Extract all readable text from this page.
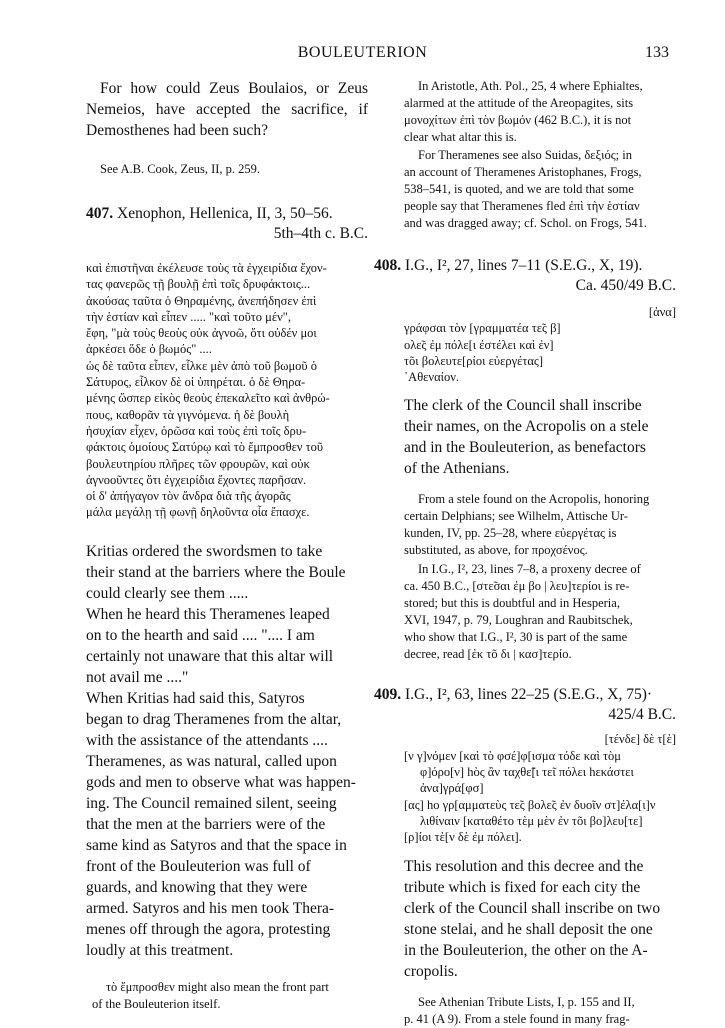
BOULEUTERION	133

For how could Zeus Boulaios, or Zeus Nemeios, have accepted the sacrifice, if Demosthenes had been such?

See A.B. Cook, Zeus, II, p. 259.

407. Xenophon, Hellenica, II, 3, 50–56.
5th–4th c. B.C.
καὶ ἐπιστῆναι ἐκέλευσε τοὺς τὰ ἐγχειρίδια ἔχον-
τας φανερῶς τῇ βουλῇ ἐπὶ τοῖς δρυφάκτοις...
ἀκούσας ταῦτα ὁ Θηραμένης, ἀνεπήδησεν ἐπὶ
τὴν ἑστίαν καὶ εἶπεν ..... "καὶ τοῦτο μέν",
ἔφη, "μὰ τοὺς θεοὺς οὐκ ἀγνοῶ, ὅτι οὐδέν μοι
ἀρκέσει ὅδε ὁ βωμός" ....
ὡς δὲ ταῦτα εἶπεν, εἷλκε μὲν ἀπὸ τοῦ βωμοῦ ὁ
Σάτυρος, εἷλκον δὲ οἱ ὑπηρέται. ὁ δὲ Θηρα-
μένης ὥσπερ εἰκὸς θεοὺς ἐπεκαλεῖτο καὶ ἀνθρώ-
πους, καθορᾶν τὰ γιγνόμενα. ἡ δὲ βουλὴ
ἡσυχίαν εἶχεν, ὁρῶσα καὶ τοὺς ἐπὶ τοῖς δρυ-
φάκτοις ὁμοίους Σατύρῳ καὶ τὸ ἔμπροσθεν τοῦ
βουλευτηρίου πλῆρες τῶν φρουρῶν, καὶ οὐκ
ἀγνοοῦντες ὅτι ἐγχειρίδια ἔχοντες παρῆσαν.
οἱ δ' ἀπήγαγον τὸν ἄνδρα διὰ τῆς ἀγορᾶς
μάλα μεγάλῃ τῇ φωνῇ δηλοῦντα οἷα ἔπασχε.
Kritias ordered the swordsmen to take
their stand at the barriers where the Boule
could clearly see them .....
When he heard this Theramenes leaped
on to the hearth and said .... ".... I am
certainly not unaware that this altar will
not avail me ...."
When Kritias had said this, Satyros
began to drag Theramenes from the altar,
with the assistance of the attendants ....
Theramenes, as was natural, called upon
gods and men to observe what was happen-
ing. The Council remained silent, seeing
that the men at the barriers were of the
same kind as Satyros and that the space in
front of the Bouleuterion was full of
guards, and knowing that they were
armed. Satyros and his men took Thera-
menes off through the agora, protesting
loudly at this treatment.
τὸ ἔμπροσθεν might also mean the front part
of the Bouleuterion itself.
In Aristotle, Ath. Pol., 25, 4 where Ephialtes,
alarmed at the attitude of the Areopagites, sits
μονοχίτων ἐπὶ τὸν βωμόν (462 B.C.), it is not
clear what altar this is.
For Theramenes see also Suidas, δεξιός; in
an account of Theramenes Aristophanes, Frogs,
538–541, is quoted, and we are told that some
people say that Theramenes fled ἐπὶ τὴν ἑστίαν
and was dragged away; cf. Schol. on Frogs, 541.
408. I.G., I², 27, lines 7–11 (S.E.G., X, 19).
Ca. 450/49 B.C.
[ἀνα]
γράφσαι τὸν [γραμματέα τε̃ς β]
ολε̃ς ἐμ πόλε[ι ἐστέλει καὶ ἐν]
τõι βολευτε[ρίοι εὐεργέτας]
᾿Αθεναίον.
The clerk of the Council shall inscribe
their names, on the Acropolis on a stele
and in the Bouleuterion, as benefactors
of the Athenians.
From a stele found on the Acropolis, honoring
certain Delphians; see Wilhelm, Attische Ur-
kunden, IV, pp. 25–28, where εὐεργέτας is
substituted, as above, for προχσένος.
In I.G., I², 23, lines 7–8, a proxeny decree of
ca. 450 B.C., [στε̃σαι ἐμ βο | λευ]τερίοι is re-
stored; but this is doubtful and in Hesperia,
XVI, 1947, p. 79, Loughran and Raubitschek,
who show that I.G., I², 30 is part of the same
decree, read [ἐκ τõ δι | κασ]τερίο.
409. I.G., I², 63, lines 22–25 (S.E.G., X, 75)·
425/4 B.C.
[τένδε] δὲ τ[ὲ]
[ν γ]νόμεν [καὶ τὸ φσέ]φ[ισμα τόδε καὶ τὸμ
φ]όρο[ν] hὸς ἂν ταχθε̃[ι τε̃ι πόλει hεκάστει
ἀνα]γρά[φσ]
[ας] hο γρ[αμματεὺς τε̃ς βολε̃ς ἐν δυοῖν στ]έλα[ι]ν
λιθίναιν [καταθέτο τὲμ μὲν ἐν τõι βο]λευ[τε]
[ρ]ίοι τὲ[ν δὲ ἐμ πόλει].
This resolution and this decree and the
tribute which is fixed for each city the
clerk of the Council shall inscribe on two
stone stelai, and he shall deposit the one
in the Bouleuterion, the other on the A-
cropolis.
See Athenian Tribute Lists, I, p. 155 and II,
p. 41 (A 9). From a stele found in many frag-
